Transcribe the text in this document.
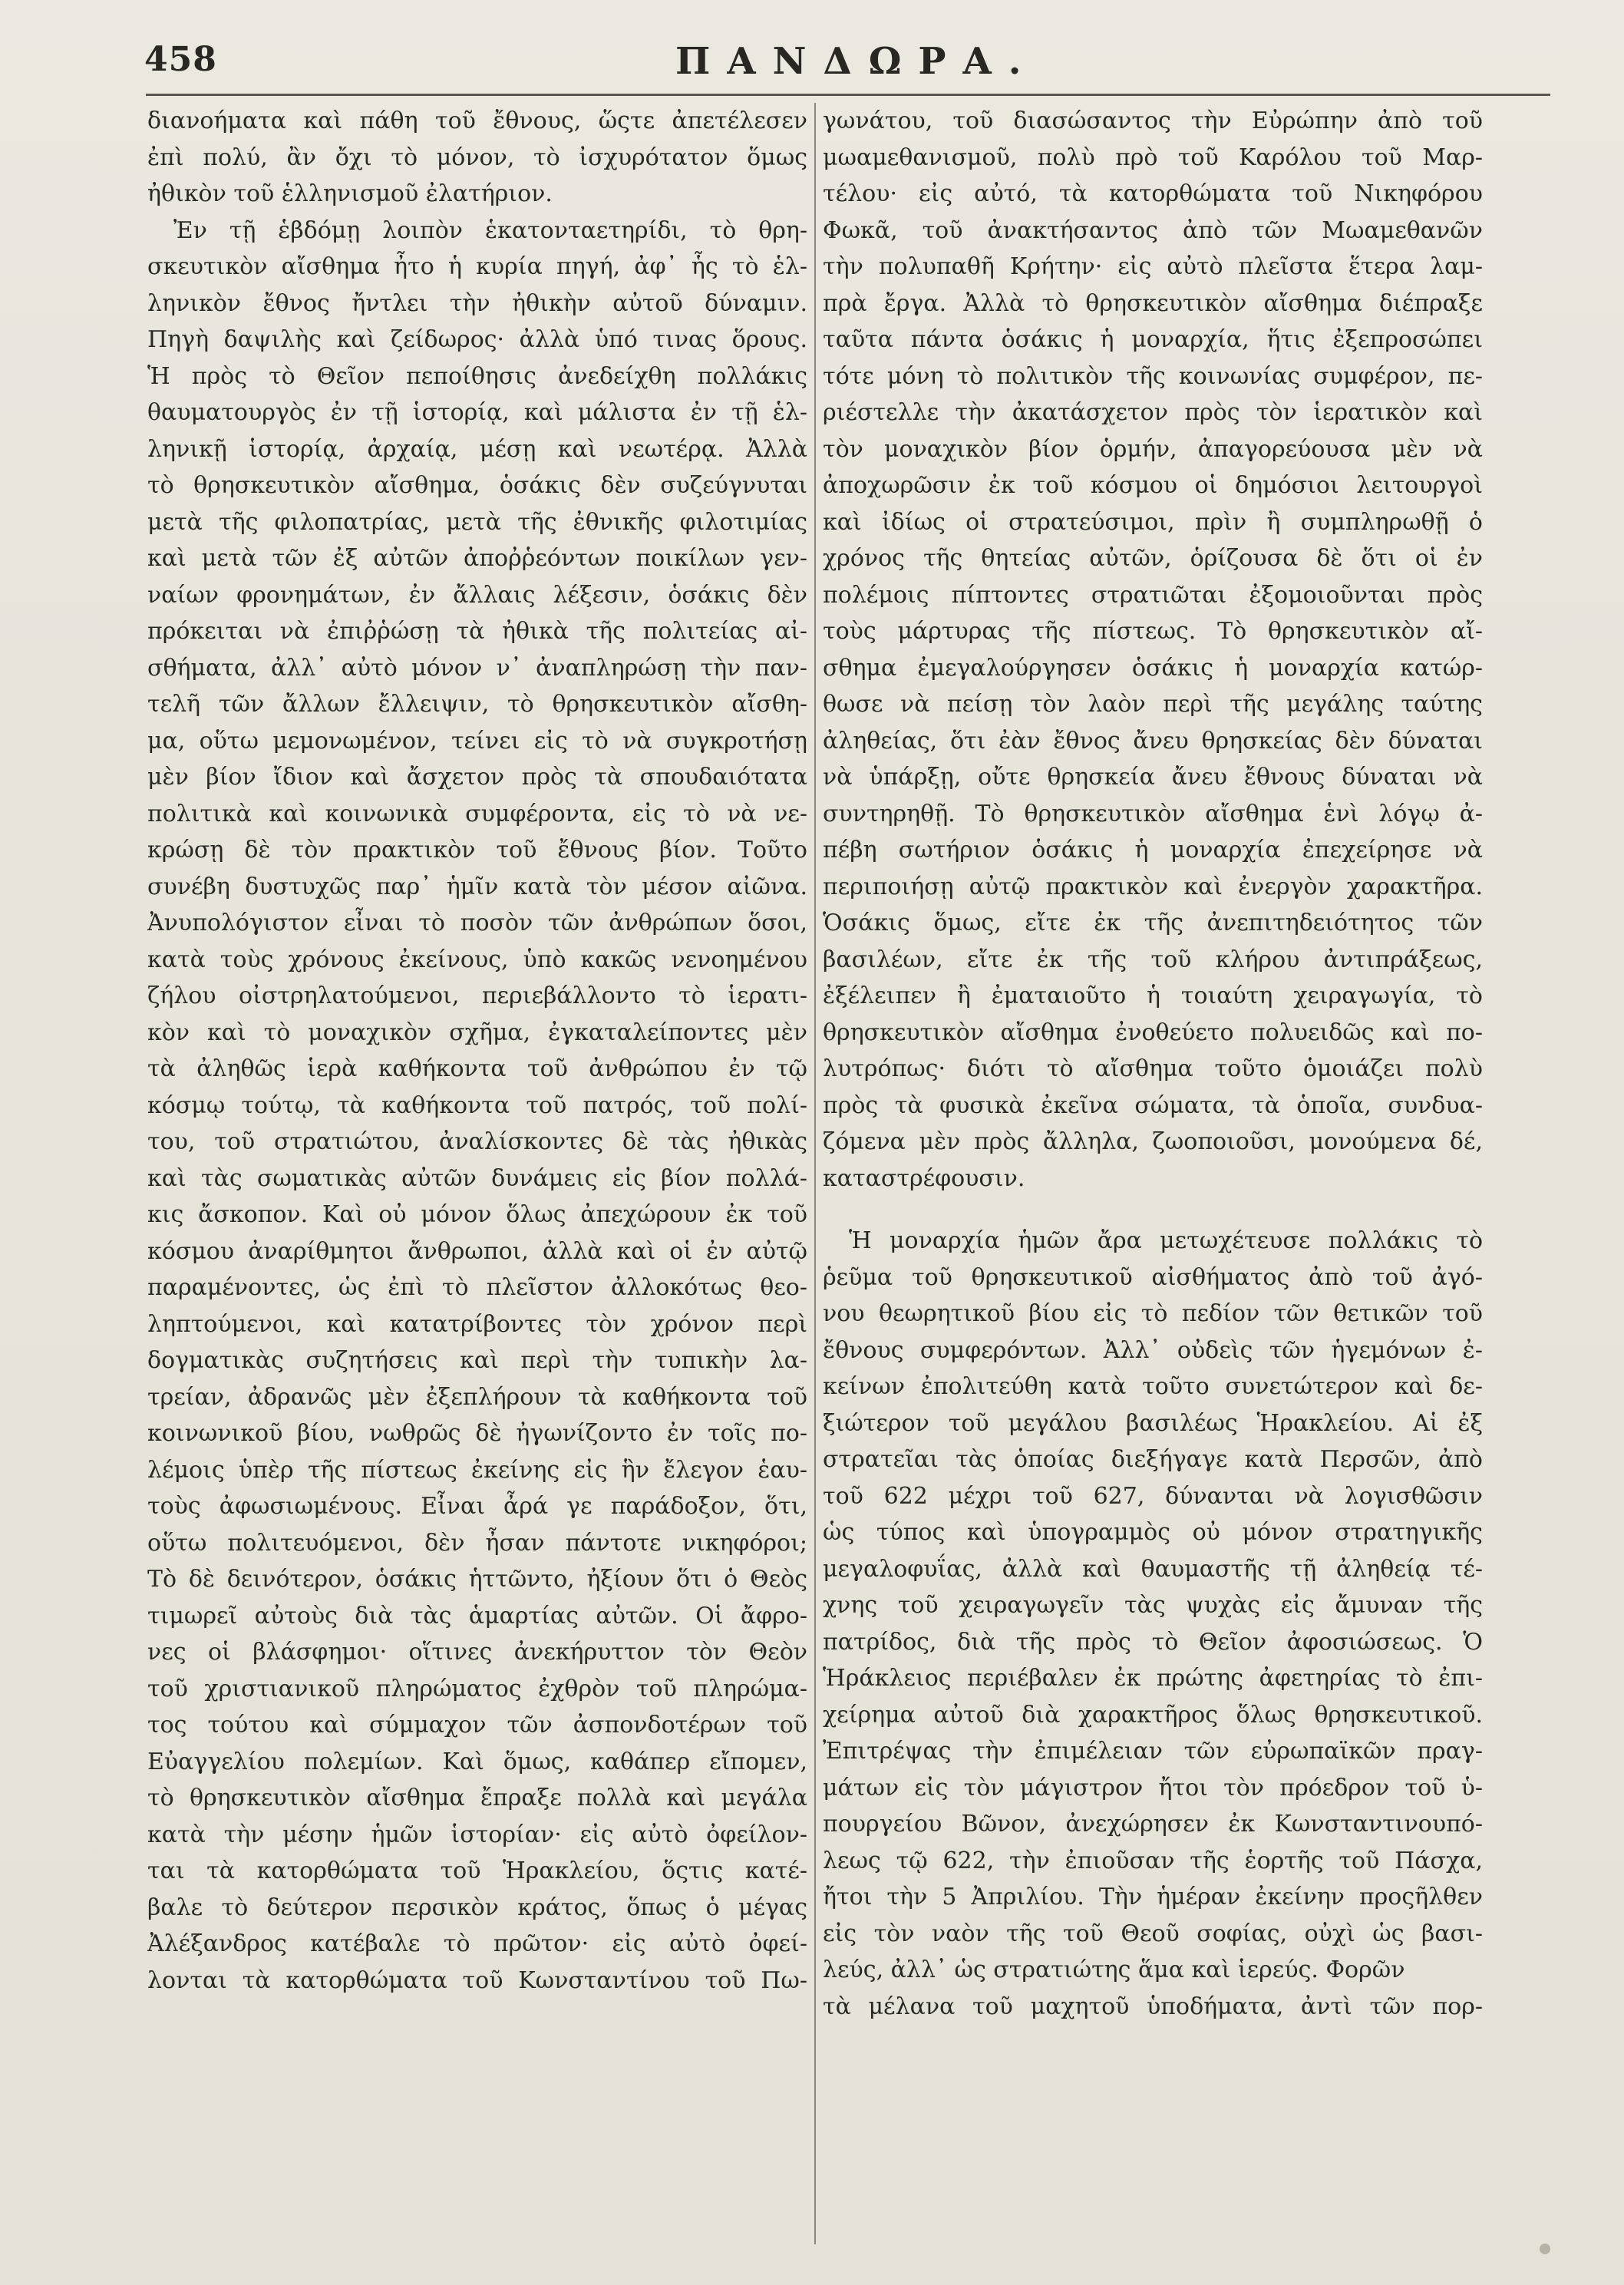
458	ΠΑΝΔΩΡΑ.
διανοήματα καὶ πάθη τοῦ ἔθνους, ὥςτε ἀπετέλεσεν
ἐπὶ πολύ, ἂν ὄχι τὸ μόνον, τὸ ἰσχυρότατον ὅμως
ἠθικὸν τοῦ ἑλληνισμοῦ ἐλατήριον.
Ἐν τῇ ἑβδόμῃ λοιπὸν ἑκατονταετηρίδι, τὸ θρη-
σκευτικὸν αἴσθημα ἦτο ἡ κυρία πηγή, ἀφ᾽ ἧς τὸ ἑλ-
ληνικὸν ἔθνος ἤντλει τὴν ἠθικὴν αὐτοῦ δύναμιν.
Πηγὴ δαψιλὴς καὶ ζείδωρος· ἀλλὰ ὑπό τινας ὅρους.
Ἡ πρὸς τὸ Θεῖον πεποίθησις ἀνεδείχθη πολλάκις
θαυματουργὸς ἐν τῇ ἱστορίᾳ, καὶ μάλιστα ἐν τῇ ἑλ-
ληνικῇ ἱστορίᾳ, ἀρχαίᾳ, μέσῃ καὶ νεωτέρᾳ. Ἀλλὰ
τὸ θρησκευτικὸν αἴσθημα, ὁσάκις δὲν συζεύγνυται
μετὰ τῆς φιλοπατρίας, μετὰ τῆς ἐθνικῆς φιλοτιμίας
καὶ μετὰ τῶν ἐξ αὐτῶν ἀποῤῥεόντων ποικίλων γεν-
ναίων φρονημάτων, ἐν ἄλλαις λέξεσιν, ὁσάκις δὲν
πρόκειται νὰ ἐπιῤῥώσῃ τὰ ἠθικὰ τῆς πολιτείας αἰ-
σθήματα, ἀλλ᾽ αὐτὸ μόνον ν᾽ ἀναπληρώσῃ τὴν παν-
τελῆ τῶν ἄλλων ἔλλειψιν, τὸ θρησκευτικὸν αἴσθη-
μα, οὕτω μεμονωμένον, τείνει εἰς τὸ νὰ συγκροτήσῃ
μὲν βίον ἴδιον καὶ ἄσχετον πρὸς τὰ σπουδαιότατα
πολιτικὰ καὶ κοινωνικὰ συμφέροντα, εἰς τὸ νὰ νε-
κρώσῃ δὲ τὸν πρακτικὸν τοῦ ἔθνους βίον. Τοῦτο
συνέβη δυστυχῶς παρ᾽ ἡμῖν κατὰ τὸν μέσον αἰῶνα.
Ἀνυπολόγιστον εἶναι τὸ ποσὸν τῶν ἀνθρώπων ὅσοι,
κατὰ τοὺς χρόνους ἐκείνους, ὑπὸ κακῶς νενοημένου
ζήλου οἰστρηλατούμενοι, περιεβάλλοντο τὸ ἱερατι-
κὸν καὶ τὸ μοναχικὸν σχῆμα, ἐγκαταλείποντες μὲν
τὰ ἀληθῶς ἱερὰ καθήκοντα τοῦ ἀνθρώπου ἐν τῷ
κόσμῳ τούτῳ, τὰ καθήκοντα τοῦ πατρός, τοῦ πολί-
του, τοῦ στρατιώτου, ἀναλίσκοντες δὲ τὰς ἠθικὰς
καὶ τὰς σωματικὰς αὐτῶν δυνάμεις εἰς βίον πολλά-
κις ἄσκοπον. Καὶ οὐ μόνον ὅλως ἀπεχώρουν ἐκ τοῦ
κόσμου ἀναρίθμητοι ἄνθρωποι, ἀλλὰ καὶ οἱ ἐν αὐτῷ
παραμένοντες, ὡς ἐπὶ τὸ πλεῖστον ἀλλοκότως θεο-
ληπτούμενοι, καὶ κατατρίβοντες τὸν χρόνον περὶ
δογματικὰς συζητήσεις καὶ περὶ τὴν τυπικὴν λα-
τρείαν, ἀδρανῶς μὲν ἐξεπλήρουν τὰ καθήκοντα τοῦ
κοινωνικοῦ βίου, νωθρῶς δὲ ἠγωνίζοντο ἐν τοῖς πο-
λέμοις ὑπὲρ τῆς πίστεως ἐκείνης εἰς ἣν ἔλεγον ἑαυ-
τοὺς ἀφωσιωμένους. Εἶναι ἆρά γε παράδοξον, ὅτι,
οὕτω πολιτευόμενοι, δὲν ἦσαν πάντοτε νικηφόροι;
Τὸ δὲ δεινότερον, ὁσάκις ἡττῶντο, ἠξίουν ὅτι ὁ Θεὸς
τιμωρεῖ αὐτοὺς διὰ τὰς ἁμαρτίας αὐτῶν. Οἱ ἄφρο-
νες οἱ βλάσφημοι· οἵτινες ἀνεκήρυττον τὸν Θεὸν
τοῦ χριστιανικοῦ πληρώματος ἐχθρὸν τοῦ πληρώμα-
τος τούτου καὶ σύμμαχον τῶν ἀσπονδοτέρων τοῦ
Εὐαγγελίου πολεμίων. Καὶ ὅμως, καθάπερ εἴπομεν,
τὸ θρησκευτικὸν αἴσθημα ἔπραξε πολλὰ καὶ μεγάλα
κατὰ τὴν μέσην ἡμῶν ἱστορίαν· εἰς αὐτὸ ὀφείλον-
ται τὰ κατορθώματα τοῦ Ἡρακλείου, ὅςτις κατέ-
βαλε τὸ δεύτερον περσικὸν κράτος, ὅπως ὁ μέγας
Ἀλέξανδρος κατέβαλε τὸ πρῶτον· εἰς αὐτὸ ὀφεί-
λονται τὰ κατορθώματα τοῦ Κωνσταντίνου τοῦ Πω-
γωνάτου, τοῦ διασώσαντος τὴν Εὐρώπην ἀπὸ τοῦ
μωαμεθανισμοῦ, πολὺ πρὸ τοῦ Καρόλου τοῦ Μαρ-
τέλου· εἰς αὐτό, τὰ κατορθώματα τοῦ Νικηφόρου
Φωκᾶ, τοῦ ἀνακτήσαντος ἀπὸ τῶν Μωαμεθανῶν
τὴν πολυπαθῆ Κρήτην· εἰς αὐτὸ πλεῖστα ἕτερα λαμ-
πρὰ ἔργα. Ἀλλὰ τὸ θρησκευτικὸν αἴσθημα διέπραξε
ταῦτα πάντα ὁσάκις ἡ μοναρχία, ἥτις ἐξεπροσώπει
τότε μόνη τὸ πολιτικὸν τῆς κοινωνίας συμφέρον, πε-
ριέστελλε τὴν ἀκατάσχετον πρὸς τὸν ἱερατικὸν καὶ
τὸν μοναχικὸν βίον ὁρμήν, ἀπαγορεύουσα μὲν νὰ
ἀποχωρῶσιν ἐκ τοῦ κόσμου οἱ δημόσιοι λειτουργοὶ
καὶ ἰδίως οἱ στρατεύσιμοι, πρὶν ἢ συμπληρωθῇ ὁ
χρόνος τῆς θητείας αὐτῶν, ὁρίζουσα δὲ ὅτι οἱ ἐν
πολέμοις πίπτοντες στρατιῶται ἐξομοιοῦνται πρὸς
τοὺς μάρτυρας τῆς πίστεως. Τὸ θρησκευτικὸν αἴ-
σθημα ἐμεγαλούργησεν ὁσάκις ἡ μοναρχία κατώρ-
θωσε νὰ πείσῃ τὸν λαὸν περὶ τῆς μεγάλης ταύτης
ἀληθείας, ὅτι ἐὰν ἔθνος ἄνευ θρησκείας δὲν δύναται
νὰ ὑπάρξῃ, οὔτε θρησκεία ἄνευ ἔθνους δύναται νὰ
συντηρηθῇ. Τὸ θρησκευτικὸν αἴσθημα ἑνὶ λόγῳ ἀ-
πέβη σωτήριον ὁσάκις ἡ μοναρχία ἐπεχείρησε νὰ
περιποιήσῃ αὐτῷ πρακτικὸν καὶ ἐνεργὸν χαρακτῆρα.
Ὁσάκις ὅμως, εἴτε ἐκ τῆς ἀνεπιτηδειότητος τῶν
βασιλέων, εἴτε ἐκ τῆς τοῦ κλήρου ἀντιπράξεως,
ἐξέλειπεν ἢ ἐματαιοῦτο ἡ τοιαύτη χειραγωγία, τὸ
θρησκευτικὸν αἴσθημα ἐνοθεύετο πολυειδῶς καὶ πο-
λυτρόπως· διότι τὸ αἴσθημα τοῦτο ὁμοιάζει πολὺ
πρὸς τὰ φυσικὰ ἐκεῖνα σώματα, τὰ ὁποῖα, συνδυα-
ζόμενα μὲν πρὸς ἄλληλα, ζωοποιοῦσι, μονούμενα δέ,
καταστρέφουσιν.
Ἡ μοναρχία ἡμῶν ἄρα μετωχέτευσε πολλάκις τὸ
ῥεῦμα τοῦ θρησκευτικοῦ αἰσθήματος ἀπὸ τοῦ ἀγό-
νου θεωρητικοῦ βίου εἰς τὸ πεδίον τῶν θετικῶν τοῦ
ἔθνους συμφερόντων. Ἀλλ᾽ οὐδεὶς τῶν ἡγεμόνων ἐ-
κείνων ἐπολιτεύθη κατὰ τοῦτο συνετώτερον καὶ δε-
ξιώτερον τοῦ μεγάλου βασιλέως Ἡρακλείου. Αἱ ἐξ
στρατεῖαι τὰς ὁποίας διεξήγαγε κατὰ Περσῶν, ἀπὸ
τοῦ 622 μέχρι τοῦ 627, δύνανται νὰ λογισθῶσιν
ὡς τύπος καὶ ὑπογραμμὸς οὐ μόνον στρατηγικῆς
μεγαλοφυΐας, ἀλλὰ καὶ θαυμαστῆς τῇ ἀληθείᾳ τέ-
χνης τοῦ χειραγωγεῖν τὰς ψυχὰς εἰς ἄμυναν τῆς
πατρίδος, διὰ τῆς πρὸς τὸ Θεῖον ἀφοσιώσεως. Ὁ
Ἡράκλειος περιέβαλεν ἐκ πρώτης ἀφετηρίας τὸ ἐπι-
χείρημα αὐτοῦ διὰ χαρακτῆρος ὅλως θρησκευτικοῦ.
Ἐπιτρέψας τὴν ἐπιμέλειαν τῶν εὐρωπαϊκῶν πραγ-
μάτων εἰς τὸν μάγιστρον ἤτοι τὸν πρόεδρον τοῦ ὑ-
πουργείου Βῶνον, ἀνεχώρησεν ἐκ Κωνσταντινουπό-
λεως τῷ 622, τὴν ἐπιοῦσαν τῆς ἑορτῆς τοῦ Πάσχα,
ἤτοι τὴν 5 Ἀπριλίου. Τὴν ἡμέραν ἐκείνην προςῆλθεν
εἰς τὸν ναὸν τῆς τοῦ Θεοῦ σοφίας, οὐχὶ ὡς βασι-
λεύς, ἀλλ᾽ ὡς στρατιώτης ἅμα καὶ ἱερεύς. Φορῶν
τὰ μέλανα τοῦ μαχητοῦ ὑποδήματα, ἀντὶ τῶν πορ-
